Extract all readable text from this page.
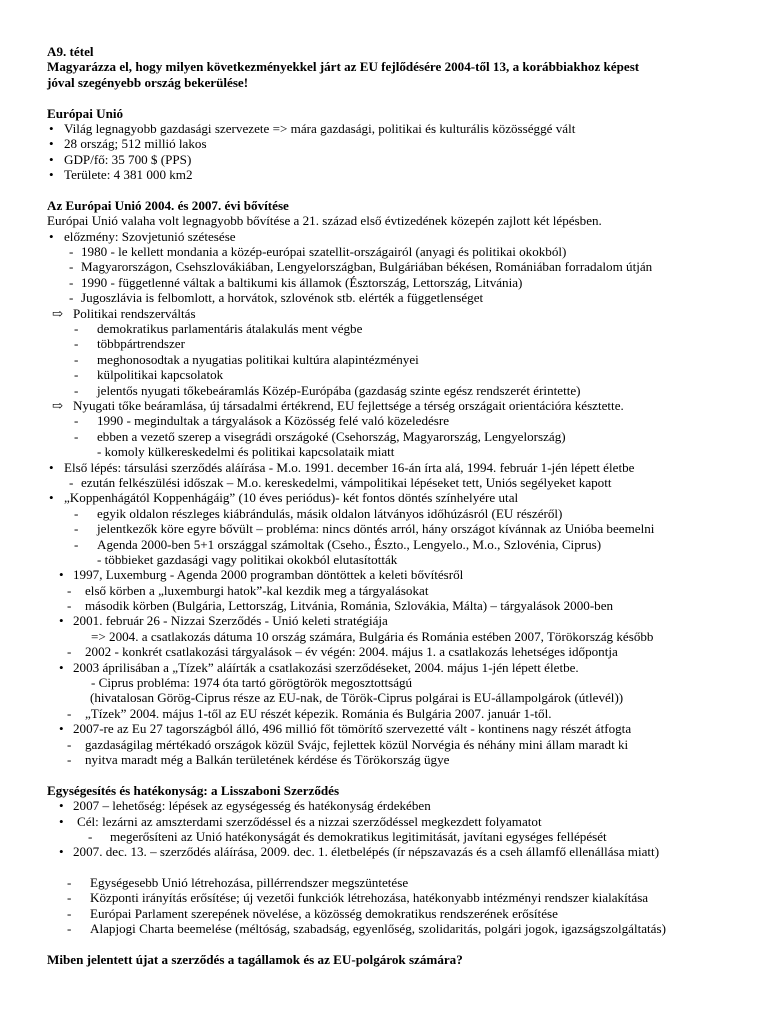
A9. tétel
Magyarázza el, hogy milyen következményekkel járt az EU fejlődésére 2004-től 13, a korábbiakhoz képest
jóval szegényebb ország bekerülése!
Európai Unió
•
Világ legnagyobb gazdasági szervezete => mára gazdasági, politikai és kulturális közösséggé vált
•
28 ország; 512 millió lakos
•
GDP/fő: 35 700 $ (PPS)
•
Területe: 4 381 000 km2
Az Európai Unió 2004. és 2007. évi bővítése
Európai Unió valaha volt legnagyobb bővítése a 21. század első évtizedének közepén zajlott két lépésben.
•
előzmény: Szovjetunió szétesése
- 1980 - le kellett mondania a közép-európai szatellit-országairól (anyagi és politikai okokból)
- Magyarországon, Csehszlovákiában, Lengyelországban, Bulgáriában békésen, Romániában forradalom útján
- 1990 - függetlenné váltak a baltikumi kis államok (Észtország, Lettország, Litvánia)
- Jugoszlávia is felbomlott, a horvátok, szlovénok stb. elérték a függetlenséget
⇨ Politikai rendszerváltás
- demokratikus parlamentáris átalakulás ment végbe
- többpártrendszer
- meghonosodtak a nyugatias politikai kultúra alapintézményei
- külpolitikai kapcsolatok
- jelentős nyugati tőkebeáramlás Közép-Európába (gazdaság szinte egész rendszerét érintette)
⇨ Nyugati tőke beáramlása, új társadalmi értékrend, EU fejlettsége a térség országait orientációra késztette.
- 1990 - megindultak a tárgyalások a Közösség felé való közeledésre
- ebben a vezető szerep a visegrádi országoké (Csehország, Magyarország, Lengyelország)
- komoly külkereskedelmi és politikai kapcsolataik miatt
•
Első lépés: társulási szerződés aláírása - M.o. 1991. december 16-án írta alá, 1994. február 1-jén lépett életbe
- ezután felkészülési időszak – M.o. kereskedelmi, vámpolitikai lépéseket tett, Uniós segélyeket kapott
•
„Koppenhágától Koppenhágáig” (10 éves periódus)- két fontos döntés színhelyére utal
- egyik oldalon részleges kiábrándulás, másik oldalon látványos időhúzásról (EU részéről)
- jelentkezők köre egyre bővült – probléma: nincs döntés arról, hány országot kívánnak az Unióba beemelni
- Agenda 2000-ben 5+1 országgal számoltak (Cseho., Észto., Lengyelo., M.o., Szlovénia, Ciprus)
- többieket gazdasági vagy politikai okokból elutasították
•
1997, Luxemburg - Agenda 2000 programban döntöttek a keleti bővítésről
- első körben a „luxemburgi hatok”-kal kezdik meg a tárgyalásokat
- második körben (Bulgária, Lettország, Litvánia, Románia, Szlovákia, Málta) – tárgyalások 2000-ben
•
2001. február 26 - Nizzai Szerződés - Unió keleti stratégiája
=> 2004. a csatlakozás dátuma 10 ország számára, Bulgária és Románia estében 2007, Törökország később
- 2002 - konkrét csatlakozási tárgyalások – év végén: 2004. május 1. a csatlakozás lehetséges időpontja
•
2003 áprilisában a „Tízek” aláírták a csatlakozási szerződéseket, 2004. május 1-jén lépett életbe.
- Ciprus probléma: 1974 óta tartó görögtörök megosztottságú
(hivatalosan Görög-Ciprus része az EU-nak, de Török-Ciprus polgárai is EU-állampolgárok (útlevél))
- „Tízek” 2004. május 1-től az EU részét képezik. Románia és Bulgária 2007. január 1-től.
•
2007-re az Eu 27 tagországból álló, 496 millió főt tömörítő szervezetté vált - kontinens nagy részét átfogta
- gazdaságilag mértékadó országok közül Svájc, fejlettek közül Norvégia és néhány mini állam maradt ki
- nyitva maradt még a Balkán területének kérdése és Törökország ügye
Egységesítés és hatékonyság: a Lisszaboni Szerződés
•
2007 – lehetőség: lépések az egységesség és hatékonyság érdekében
•
Cél: lezárni az amszterdami szerződéssel és a nizzai szerződéssel megkezdett folyamatot
- megerősíteni az Unió hatékonyságát és demokratikus legitimitását, javítani egységes fellépését
•
2007. dec. 13. – szerződés aláírása, 2009. dec. 1. életbelépés (ír népszavazás és a cseh államfő ellenállása miatt)
- Egységesebb Unió létrehozása, pillérrendszer megszüntetése
- Központi irányítás erősítése; új vezetői funkciók létrehozása, hatékonyabb intézményi rendszer kialakítása
- Európai Parlament szerepének növelése, a közösség demokratikus rendszerének erősítése
- Alapjogi Charta beemelése (méltóság, szabadság, egyenlőség, szolidaritás, polgári jogok, igazságszolgáltatás)
Miben jelentett újat a szerződés a tagállamok és az EU-polgárok számára?
